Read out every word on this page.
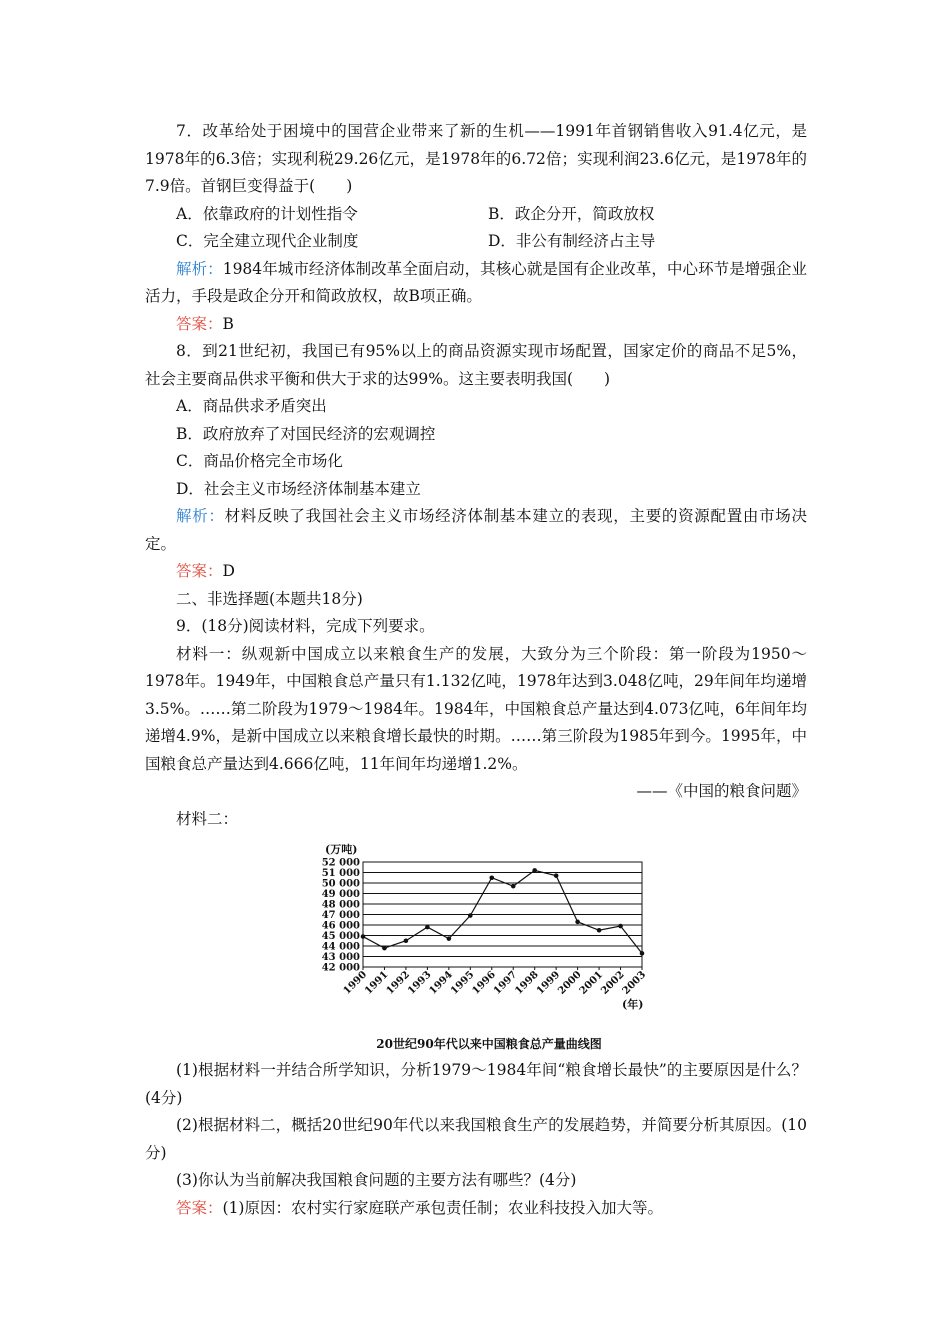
7．改革给处于困境中的国营企业带来了新的生机——1991年首钢销售收入91.4亿元，是1978年的6.3倍；实现利税29.26亿元，是1978年的6.72倍；实现利润23.6亿元，是1978年的7.9倍。首钢巨变得益于(　　)

A．依靠政府的计划性指令	B．政企分开，简政放权
C．完全建立现代企业制度	D．非公有制经济占主导

解析：1984年城市经济体制改革全面启动，其核心就是国有企业改革，中心环节是增强企业活力，手段是政企分开和简政放权，故B项正确。

答案：B

8．到21世纪初，我国已有95%以上的商品资源实现市场配置，国家定价的商品不足5%，社会主要商品供求平衡和供大于求的达99%。这主要表明我国(　　)

A．商品供求矛盾突出

B．政府放弃了对国民经济的宏观调控

C．商品价格完全市场化

D．社会主义市场经济体制基本建立

解析：材料反映了我国社会主义市场经济体制基本建立的表现，主要的资源配置由市场决定。

答案：D

二、非选择题(本题共18分)

9．(18分)阅读材料，完成下列要求。

材料一：纵观新中国成立以来粮食生产的发展，大致分为三个阶段：第一阶段为1950～1978年。1949年，中国粮食总产量只有1.132亿吨，1978年达到3.048亿吨，29年间年均递增3.5%。……第二阶段为1979～1984年。1984年，中国粮食总产量达到4.073亿吨，6年间年均递增4.9%，是新中国成立以来粮食增长最快的时期。……第三阶段为1985年到今。1995年，中国粮食总产量达到4.666亿吨，11年间年均递增1.2%。

——《中国的粮食问题》

材料二：

(万吨)
(年)
20世纪90年代以来中国粮食总产量曲线图
42 000
43 000
44 000
45 000
46 000
47 000
48 000
49 000
50 000
51 000
52 000
1990
1991
1992
1993
1994
1995
1996
1997
1998
1999
2000
2001
2002
2003

(1)根据材料一并结合所学知识，分析1979～1984年间“粮食增长最快”的主要原因是什么？(4分)

(2)根据材料二，概括20世纪90年代以来我国粮食生产的发展趋势，并简要分析其原因。(10分)

(3)你认为当前解决我国粮食问题的主要方法有哪些？(4分)

答案：(1)原因：农村实行家庭联产承包责任制；农业科技投入加大等。
